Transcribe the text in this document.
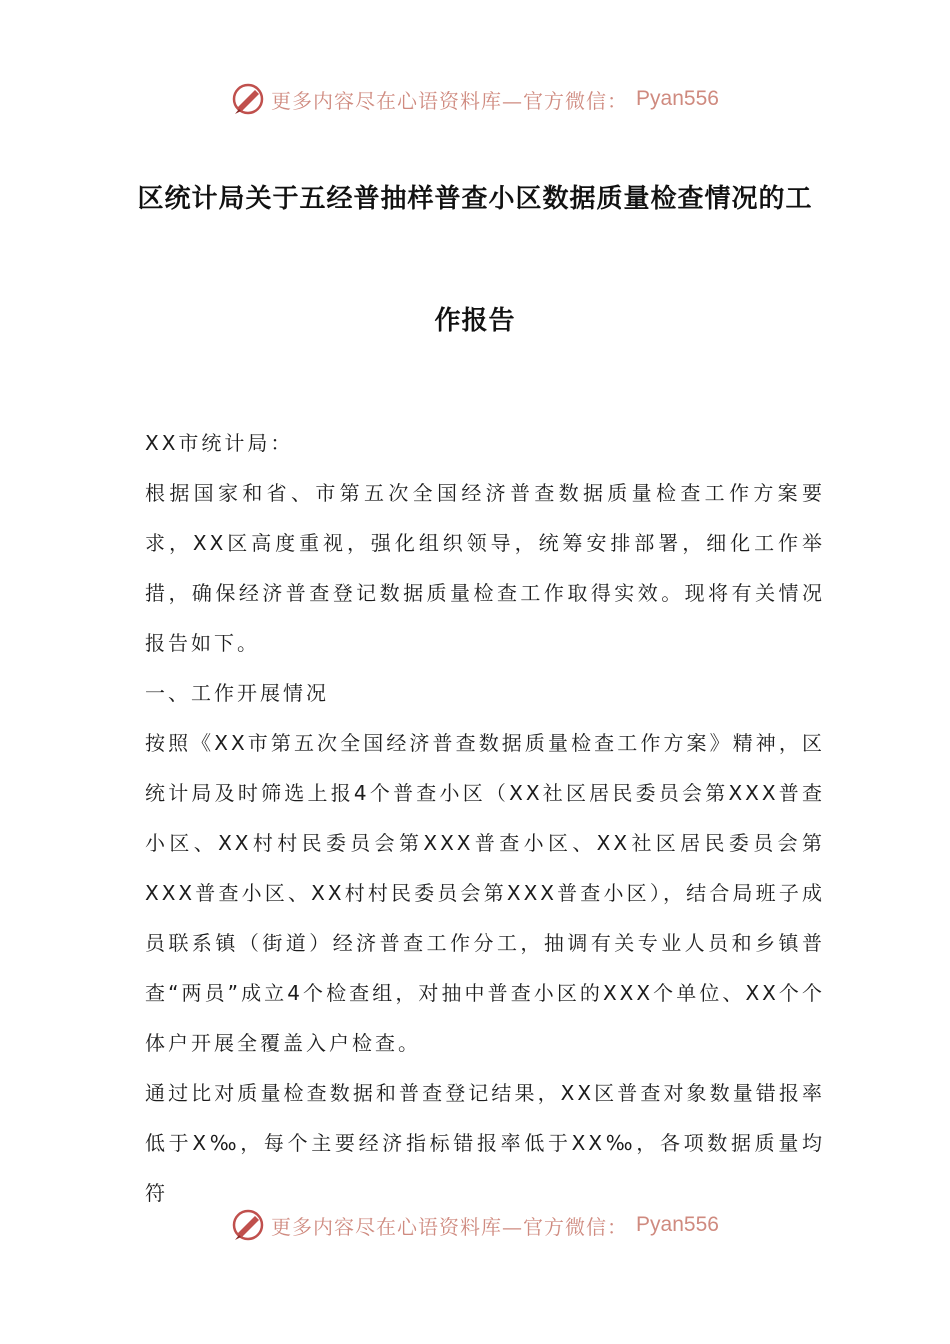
更多内容尽在心语资料库—官方微信： Pyan556
区统计局关于五经普抽样普查小区数据质量检查情况的工
作报告

XX市统计局：

根据国家和省、市第五次全国经济普查数据质量检查工作方案要求，XX区高度重视，强化组织领导，统筹安排部署，细化工作举措，确保经济普查登记数据质量检查工作取得实效。现将有关情况报告如下。

一、工作开展情况

按照《XX市第五次全国经济普查数据质量检查工作方案》精神，区统计局及时筛选上报4个普查小区（XX社区居民委员会第XXX普查小区、XX村村民委员会第XXX普查小区、XX社区居民委员会第XXX普查小区、XX村村民委员会第XXX普查小区），结合局班子成员联系镇（街道）经济普查工作分工，抽调有关专业人员和乡镇普查“两员”成立4个检查组，对抽中普查小区的XXX个单位、XX个个体户开展全覆盖入户检查。

通过比对质量检查数据和普查登记结果，XX区普查对象数量错报率低于X‰，每个主要经济指标错报率低于XX‰，各项数据质量均符

更多内容尽在心语资料库—官方微信： Pyan556
